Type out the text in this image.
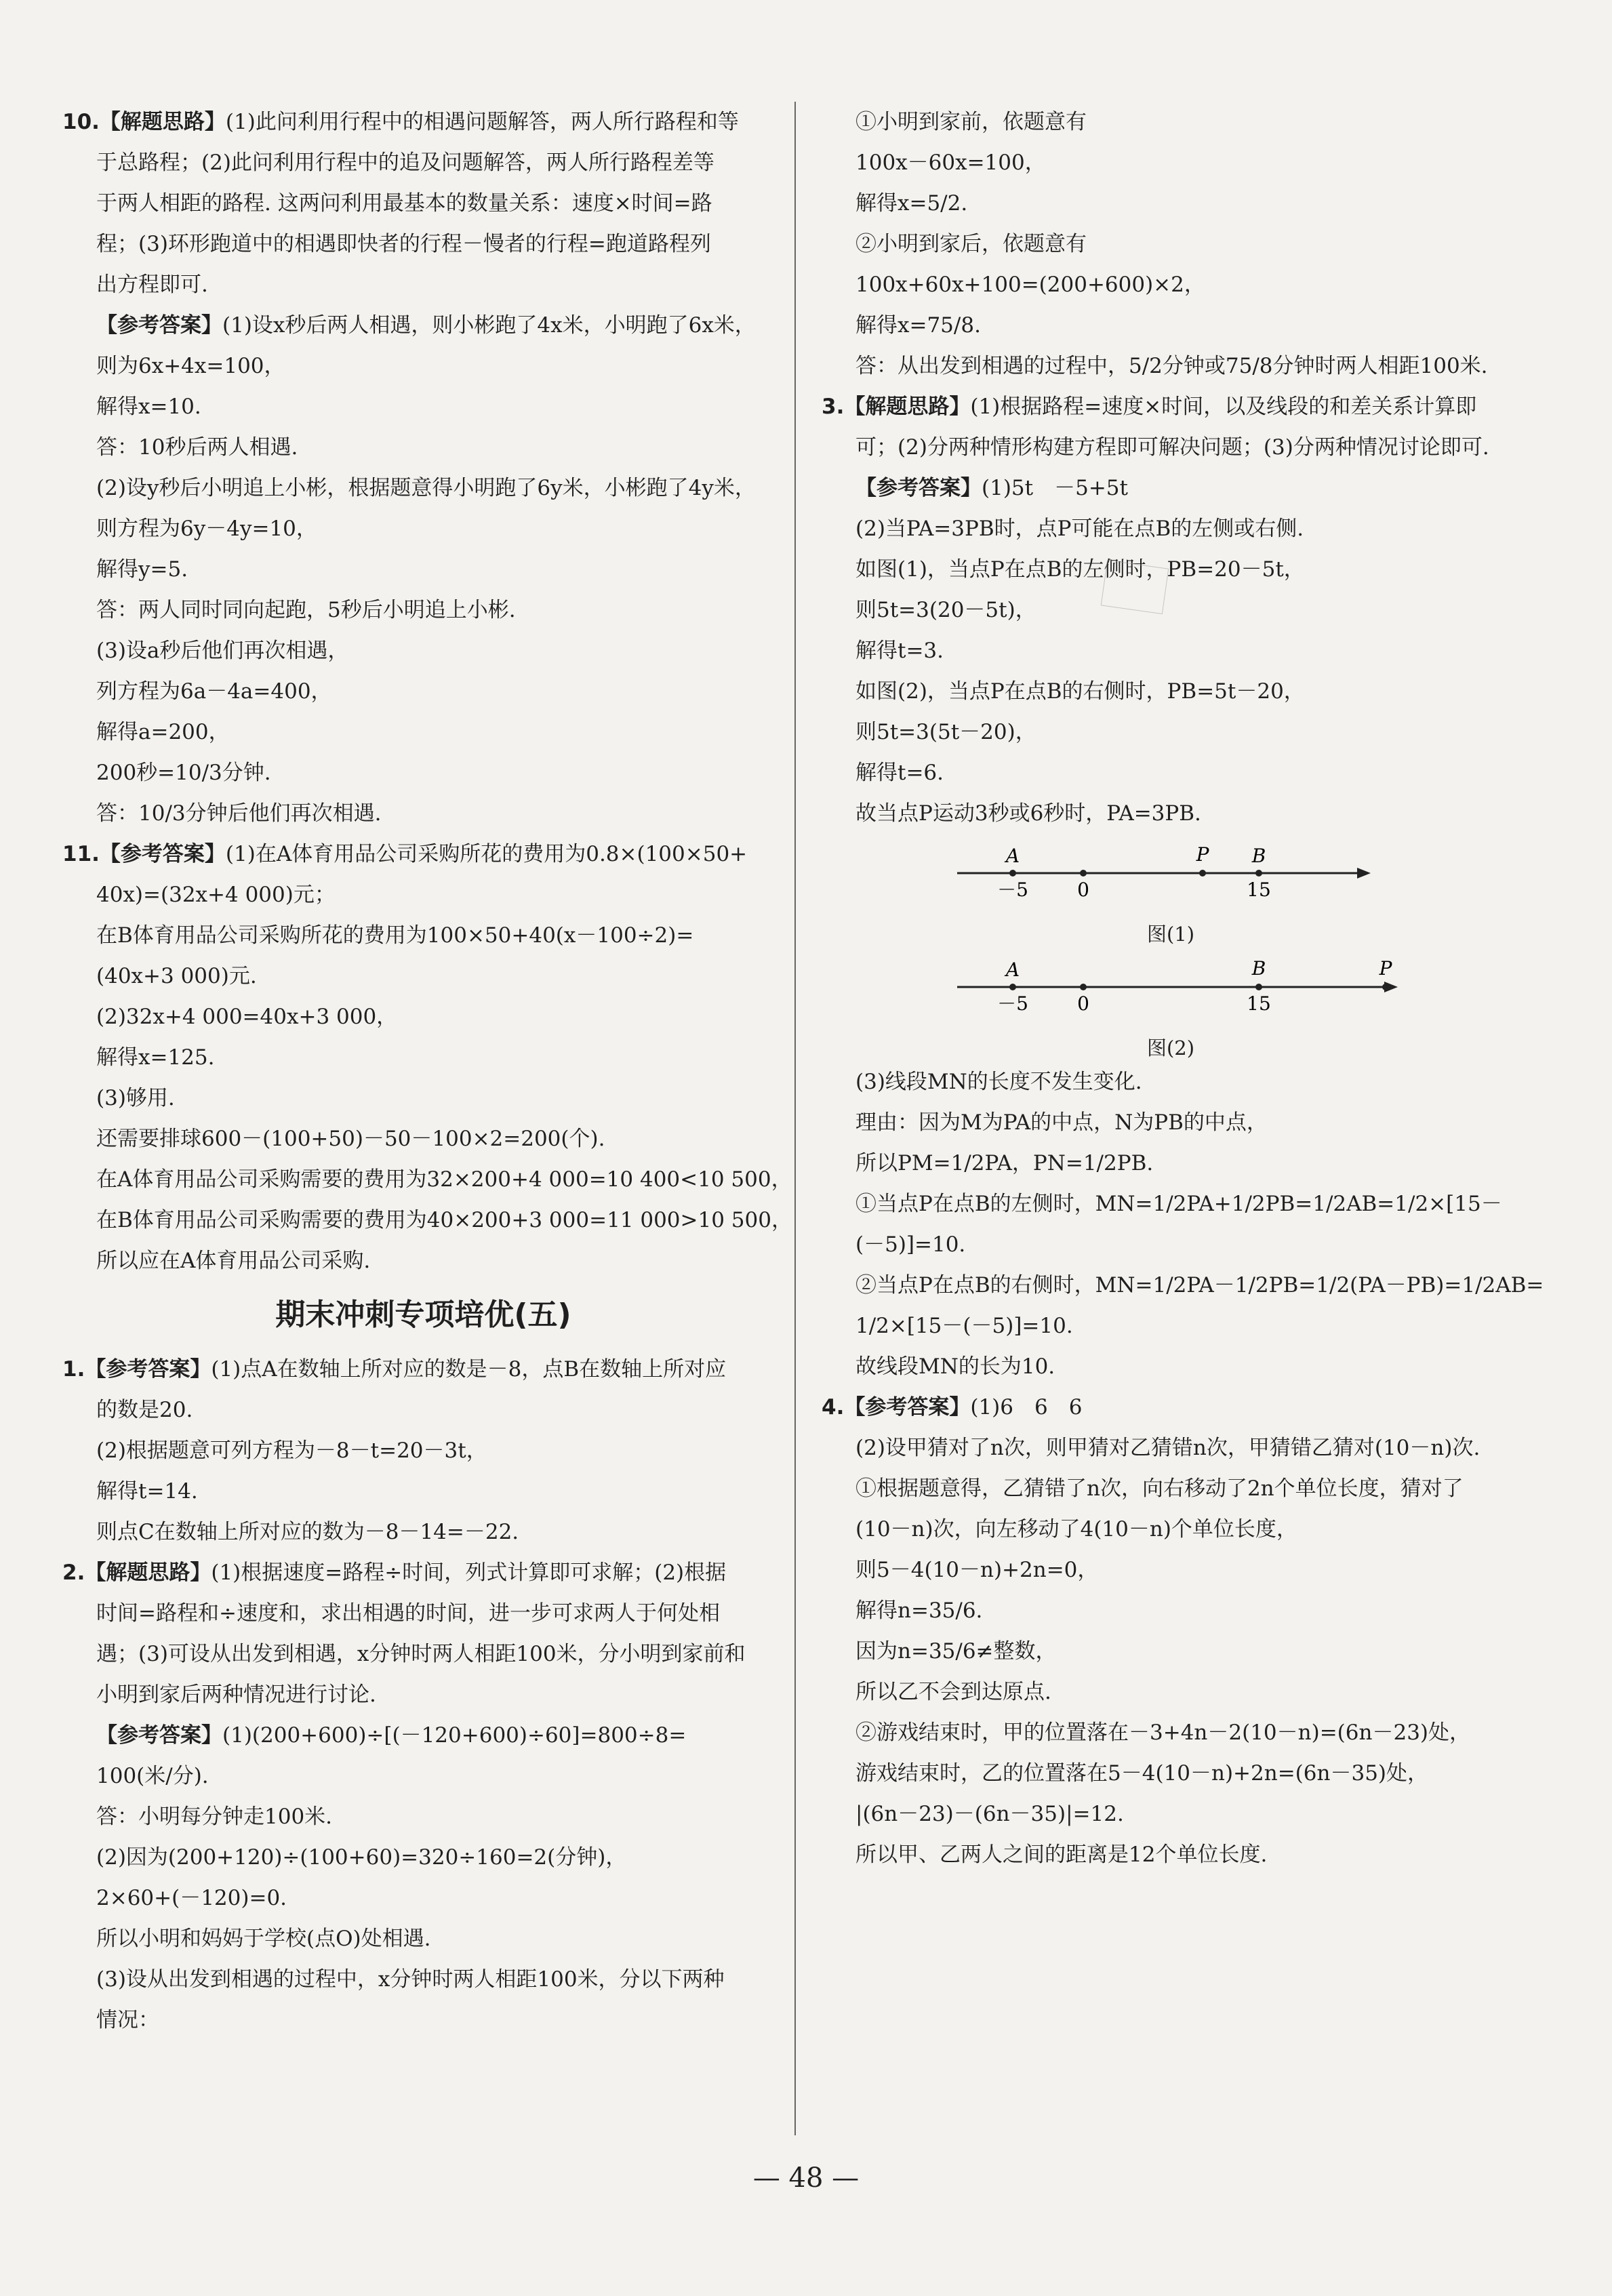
10.【解题思路】(1)此问利用行程中的相遇问题解答，两人所行路程和等
于总路程；(2)此问利用行程中的追及问题解答，两人所行路程差等
于两人相距的路程. 这两问利用最基本的数量关系：速度×时间=路
程；(3)环形跑道中的相遇即快者的行程－慢者的行程=跑道路程列
出方程即可.
【参考答案】(1)设x秒后两人相遇，则小彬跑了4x米，小明跑了6x米，
则为6x+4x=100，
解得x=10.
答：10秒后两人相遇.
(2)设y秒后小明追上小彬，根据题意得小明跑了6y米，小彬跑了4y米，
则方程为6y－4y=10，
解得y=5.
答：两人同时同向起跑，5秒后小明追上小彬.
(3)设a秒后他们再次相遇，
列方程为6a－4a=400，
解得a=200，
200秒=10/3分钟.
答：10/3分钟后他们再次相遇.
11.【参考答案】(1)在A体育用品公司采购所花的费用为0.8×(100×50+
40x)=(32x+4 000)元；
在B体育用品公司采购所花的费用为100×50+40(x－100÷2)=
(40x+3 000)元.
(2)32x+4 000=40x+3 000，
解得x=125.
(3)够用.
还需要排球600－(100+50)－50－100×2=200(个).
在A体育用品公司采购需要的费用为32×200+4 000=10 400<10 500，
在B体育用品公司采购需要的费用为40×200+3 000=11 000>10 500，
所以应在A体育用品公司采购.
期末冲刺专项培优(五)
1.【参考答案】(1)点A在数轴上所对应的数是－8，点B在数轴上所对应
的数是20.
(2)根据题意可列方程为－8－t=20－3t，
解得t=14.
则点C在数轴上所对应的数为－8－14=－22.
2.【解题思路】(1)根据速度=路程÷时间，列式计算即可求解；(2)根据
时间=路程和÷速度和，求出相遇的时间，进一步可求两人于何处相
遇；(3)可设从出发到相遇，x分钟时两人相距100米，分小明到家前和
小明到家后两种情况进行讨论.
【参考答案】(1)(200+600)÷[(－120+600)÷60]=800÷8=
100(米/分).
答：小明每分钟走100米.
(2)因为(200+120)÷(100+60)=320÷160=2(分钟)，
2×60+(－120)=0.
所以小明和妈妈于学校(点O)处相遇.
(3)设从出发到相遇的过程中，x分钟时两人相距100米，分以下两种
情况：
①小明到家前，依题意有
100x－60x=100，
解得x=5/2.
②小明到家后，依题意有
100x+60x+100=(200+600)×2，
解得x=75/8.
答：从出发到相遇的过程中，5/2分钟或75/8分钟时两人相距100米.
3.【解题思路】(1)根据路程=速度×时间，以及线段的和差关系计算即
可；(2)分两种情形构建方程即可解决问题；(3)分两种情况讨论即可.
【参考答案】(1)5t　－5+5t
(2)当PA=3PB时，点P可能在点B的左侧或右侧.
如图(1)，当点P在点B的左侧时，PB=20－5t，
则5t=3(20－5t)，
解得t=3.
如图(2)，当点P在点B的右侧时，PB=5t－20，
则5t=3(5t－20)，
解得t=6.
故当点P运动3秒或6秒时，PA=3PB.
A	P B
－5	0	15
图(1)
A	B	P
－5	0	15
图(2)
(3)线段MN的长度不发生变化.
理由：因为M为PA的中点，N为PB的中点，
所以PM=1/2PA，PN=1/2PB.
①当点P在点B的左侧时，MN=1/2PA+1/2PB=1/2AB=1/2×[15－
(－5)]=10.
②当点P在点B的右侧时，MN=1/2PA－1/2PB=1/2(PA－PB)=1/2AB=
1/2×[15－(－5)]=10.
故线段MN的长为10.
4.【参考答案】(1)6　6　6
(2)设甲猜对了n次，则甲猜对乙猜错n次，甲猜错乙猜对(10－n)次.
①根据题意得，乙猜错了n次，向右移动了2n个单位长度，猜对了
(10－n)次，向左移动了4(10－n)个单位长度，
则5－4(10－n)+2n=0，
解得n=35/6.
因为n=35/6≠整数，
所以乙不会到达原点.
②游戏结束时，甲的位置落在－3+4n－2(10－n)=(6n－23)处，
游戏结束时，乙的位置落在5－4(10－n)+2n=(6n－35)处，
|(6n－23)－(6n－35)|=12.
所以甲、乙两人之间的距离是12个单位长度.
— 48 —
